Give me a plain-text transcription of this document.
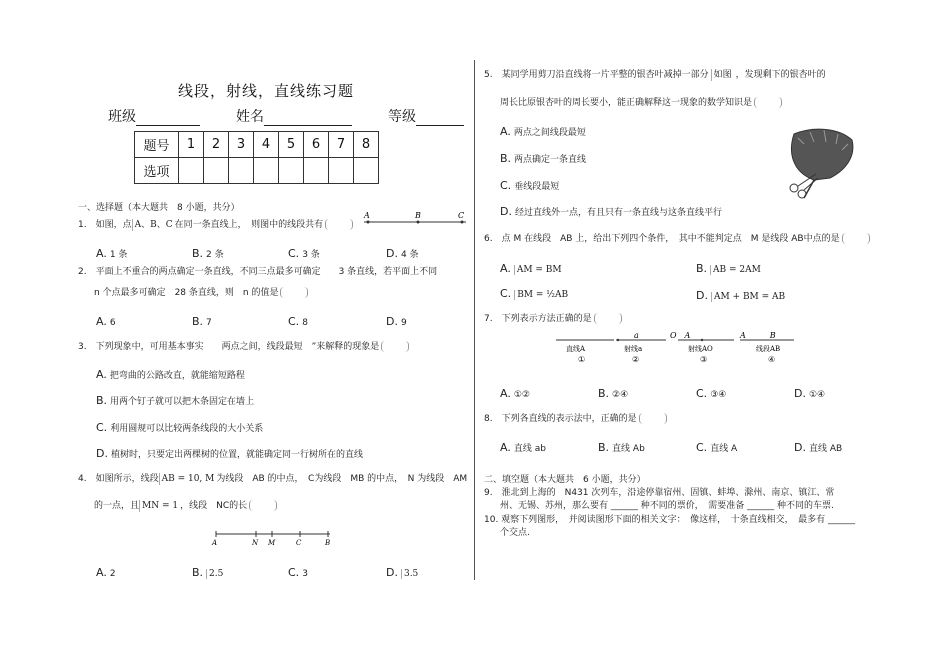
线段，射线，直线练习题
班级	姓名	等级
题号	1	2	3	4	5	6	7	8
选项								
一、选择题（本大题共　8 小题，共分）
1.　如图，点 A、B、C 在同一条直线上，　则图中的线段共有
A	B	C
A. 1 条	B. 2 条	C. 3 条	D. 4 条
2.　平面上不重合的两点确定一条直线，不同三点最多可确定　　3 条直线，若平面上不同
n 个点最多可确定　28 条直线，则　n 的值是
A. 6	B. 7	C. 8	D. 9
3.　下列现象中，可用基本事实　　两点之间，线段最短　”来解释的现象是
A. 把弯曲的公路改直，就能缩短路程
B. 用两个钉子就可以把木条固定在墙上
C. 利用圆规可以比较两条线段的大小关系
D. 植树时，只要定出两棵树的位置，就能确定同一行树所在的直线
4.　如图所示，线段 AB = 10, M 为线段　AB 的中点，　C为线段　MB 的中点，　N 为线段　AM
的一点，且 MN = 1 ，线段　NC的长
A	N M	C	B
A. 2	B. 2.5	C. 3	D. 3.5
5.　某同学用剪刀沿直线将一片平整的银杏叶减掉一部分 如图 ，发现剩下的银杏叶的
周长比原银杏叶的周长要小，能正确解释这一现象的数学知识是
A. 两点之间线段最短
B. 两点确定一条直线
C. 垂线段最短
D. 经过直线外一点，有且只有一条直线与这条直线平行
6.　点 M 在线段　AB 上，给出下列四个条件，　其中不能判定点　M 是线段 AB中点的是
A. AM = BM	B. AB = 2AM
C. BM = ½AB	D. AM + BM = AB
7.　下列表示方法正确的是
直线A
①
a
射线a
②
O　A
射线AO
③
A　　　B
线段AB
④
A. ①②	B. ②④	C. ③④	D. ①④
8.　下列各直线的表示法中，正确的是
A. 直线 ab	B. 直线 Ab	C. 直线 A	D. 直线 AB
二、填空题（本大题共　6 小题，共分）
9.　淮北到上海的　N431 次列车，沿途停靠宿州、固镇、蚌埠、滁州、南京、镇江、常
州、无锡、苏州，那么要有 ______ 种不同的票价，　需要准备 ______ 种不同的车票.
10. 观察下列图形，　并阅读图形下面的相关文字：　像这样，　十条直线相交，　最多有 ______
个交点.
